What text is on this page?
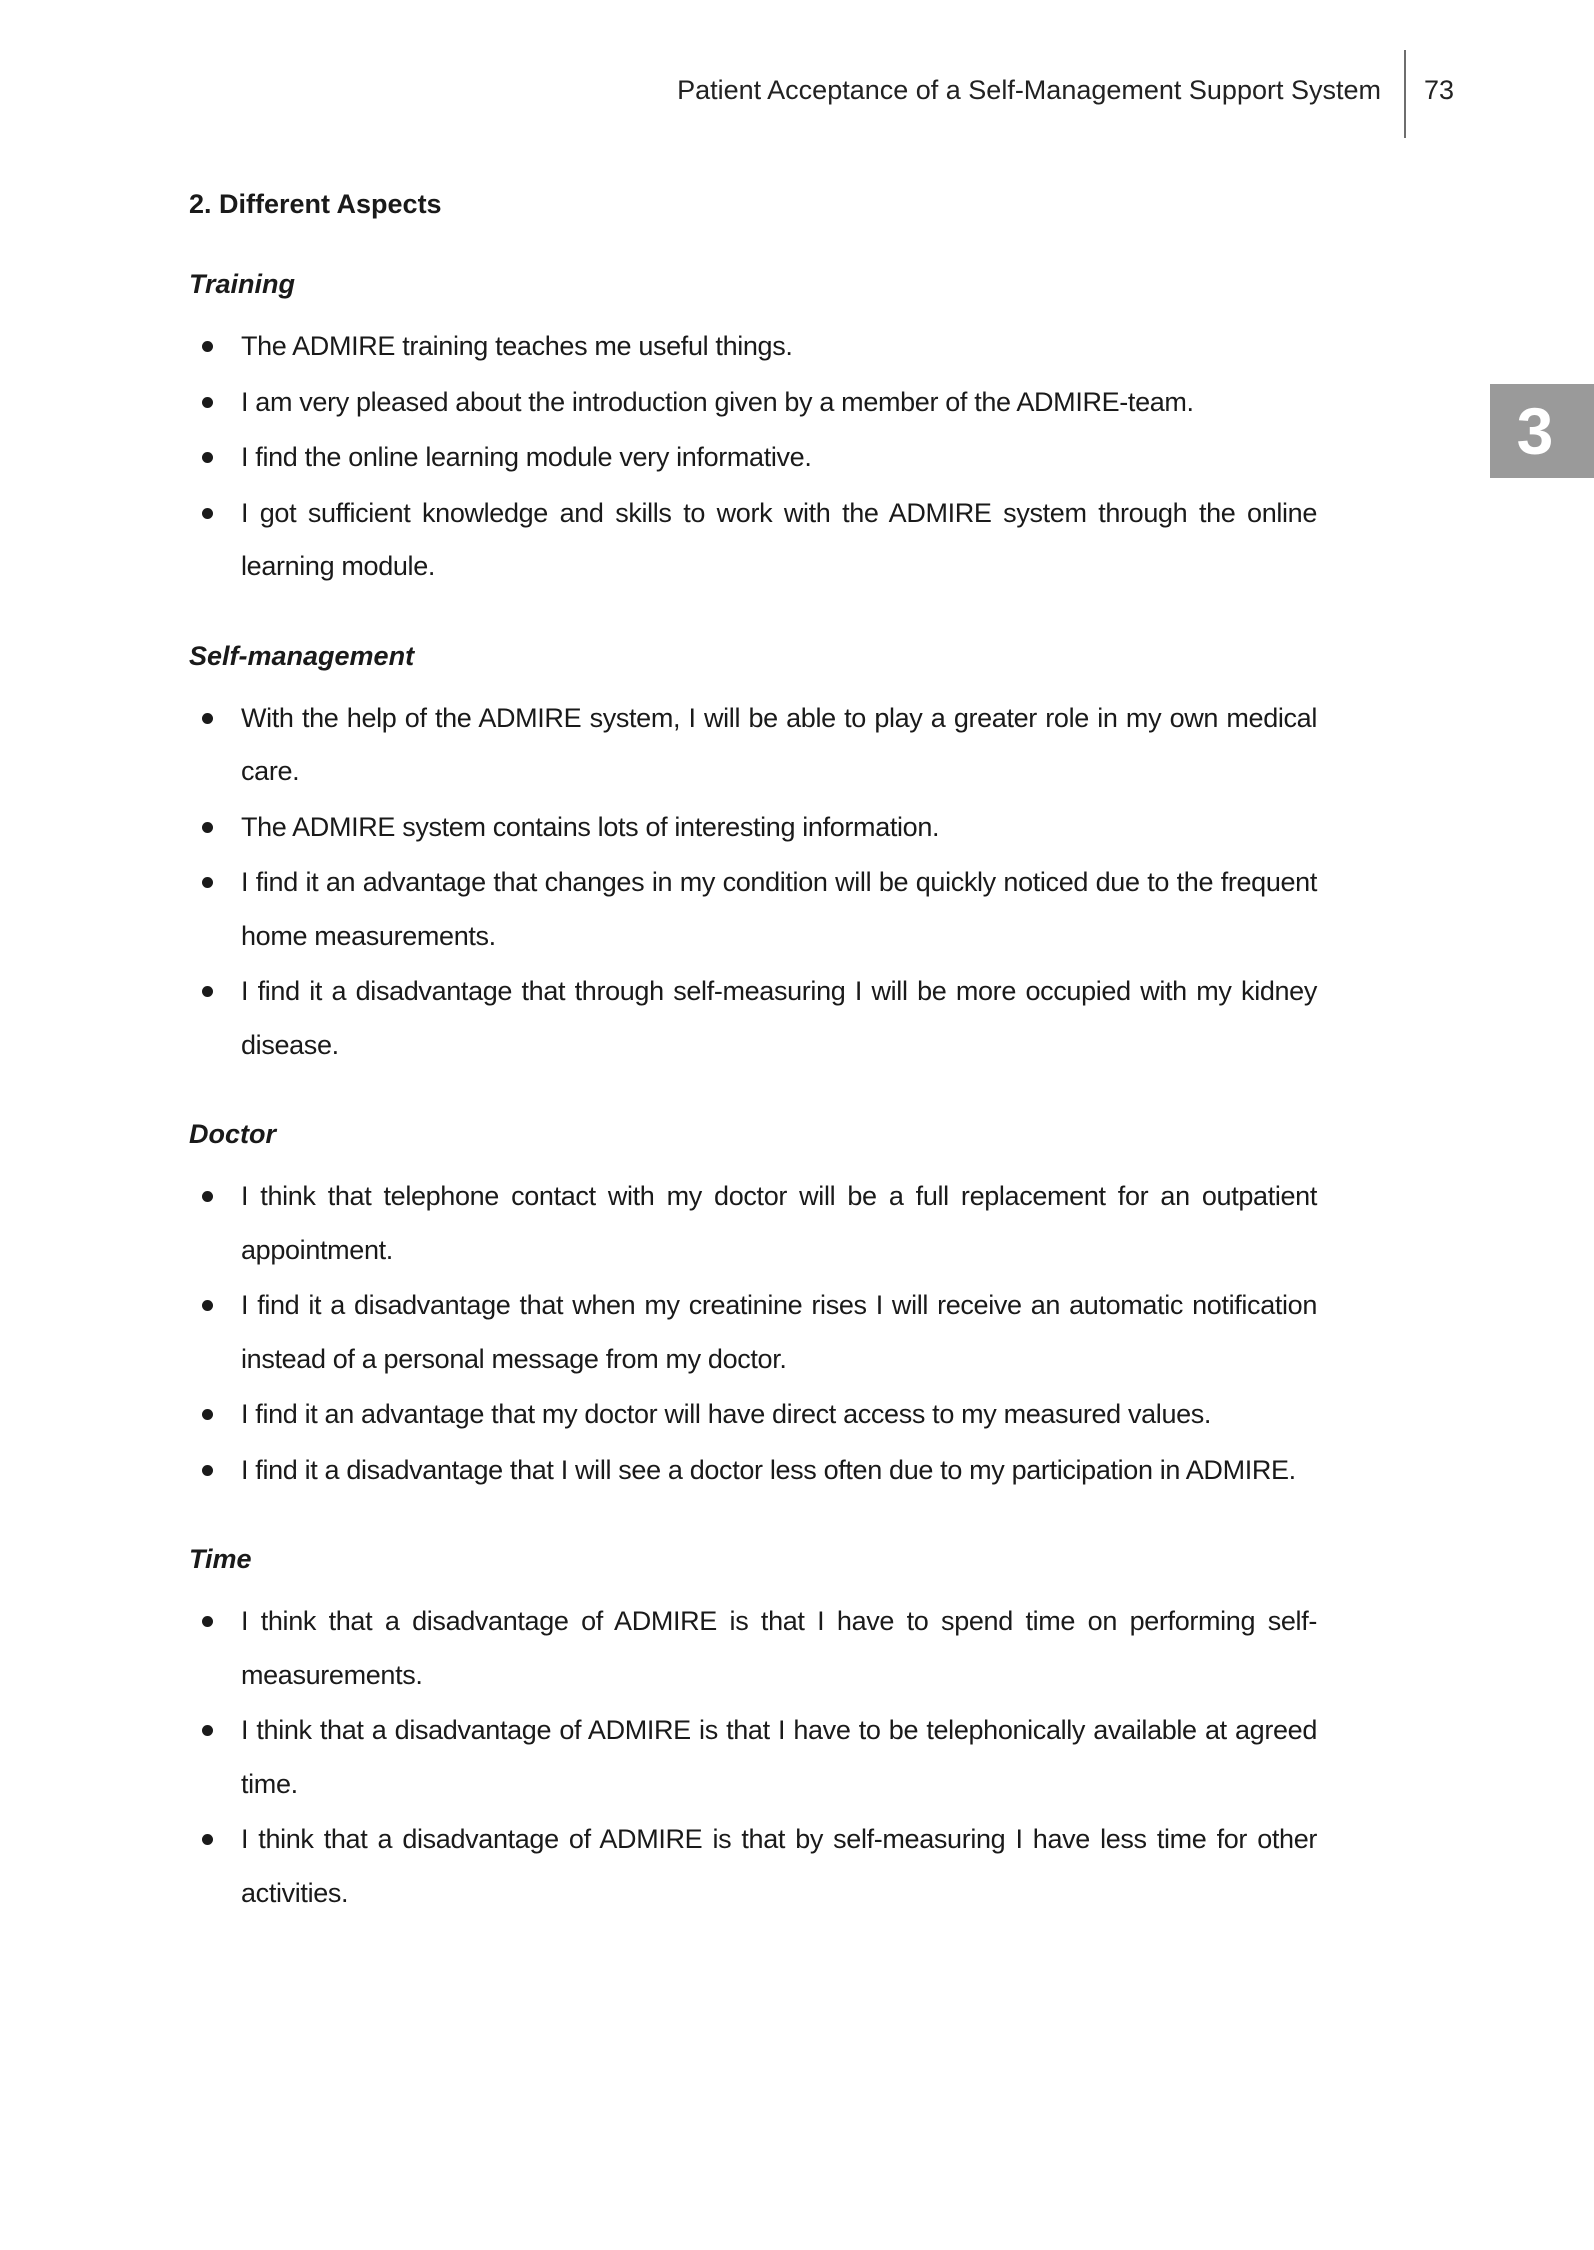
Patient Acceptance of a Self-Management Support System 73
3
2. Different Aspects
Training
The ADMIRE training teaches me useful things.
I am very pleased about the introduction given by a member of the ADMIRE-team.
I find the online learning module very informative.
I got sufficient knowledge and skills to work with the ADMIRE system through the online learning module.
Self-management
With the help of the ADMIRE system, I will be able to play a greater role in my own medical care.
The ADMIRE system contains lots of interesting information.
I find it an advantage that changes in my condition will be quickly noticed due to the frequent home measurements.
I find it a disadvantage that through self-measuring I will be more occupied with my kidney disease.
Doctor
I think that telephone contact with my doctor will be a full replacement for an outpatient appointment.
I find it a disadvantage that when my creatinine rises I will receive an automatic notification instead of a personal message from my doctor.
I find it an advantage that my doctor will have direct access to my measured values.
I find it a disadvantage that I will see a doctor less often due to my participation in ADMIRE.
Time
I think that a disadvantage of ADMIRE is that I have to spend time on performing self-measurements.
I think that a disadvantage of ADMIRE is that I have to be telephonically available at agreed time.
I think that a disadvantage of ADMIRE is that by self-measuring I have less time for other activities.
